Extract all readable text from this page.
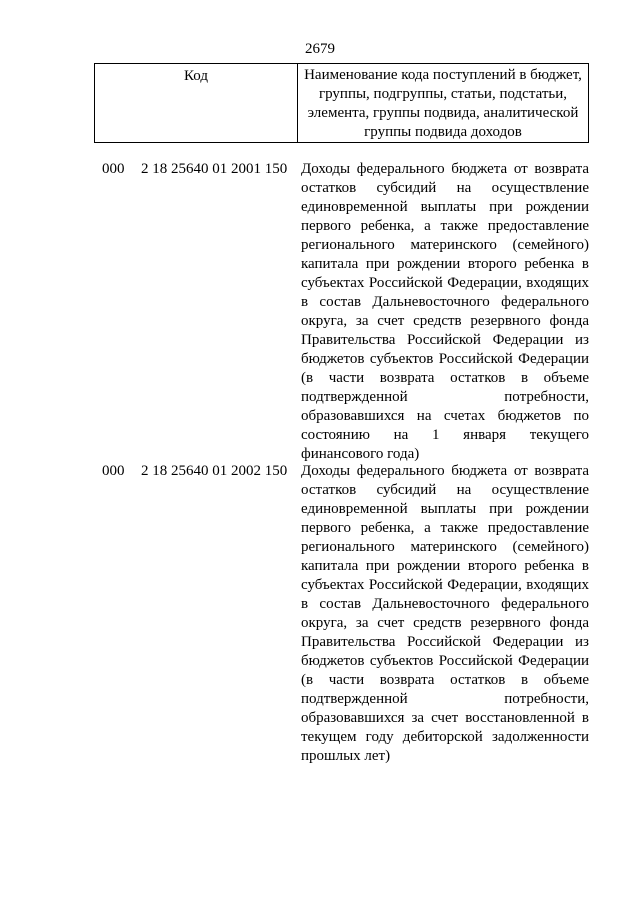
2679
Код	Наименование кода поступлений в бюджет, группы, подгруппы, статьи, подстатьи, элемента, группы подвида, аналитической группы подвида доходов
000 2 18 25640 01 2001 150 Доходы федерального бюджета от возврата остатков субсидий на осуществление единовременной выплаты при рождении первого ребенка, а также предоставление регионального материнского (семейного) капитала при рождении второго ребенка в субъектах Российской Федерации, входящих в состав Дальневосточного федерального округа, за счет средств резервного фонда Правительства Российской Федерации из бюджетов субъектов Российской Федерации (в части возврата остатков в объеме подтвержденной потребности, образовавшихся на счетах бюджетов по состоянию на 1 января текущего финансового года)
000 2 18 25640 01 2002 150 Доходы федерального бюджета от возврата остатков субсидий на осуществление единовременной выплаты при рождении первого ребенка, а также предоставление регионального материнского (семейного) капитала при рождении второго ребенка в субъектах Российской Федерации, входящих в состав Дальневосточного федерального округа, за счет средств резервного фонда Правительства Российской Федерации из бюджетов субъектов Российской Федерации (в части возврата остатков в объеме подтвержденной потребности, образовавшихся за счет восстановленной в текущем году дебиторской задолженности прошлых лет)
